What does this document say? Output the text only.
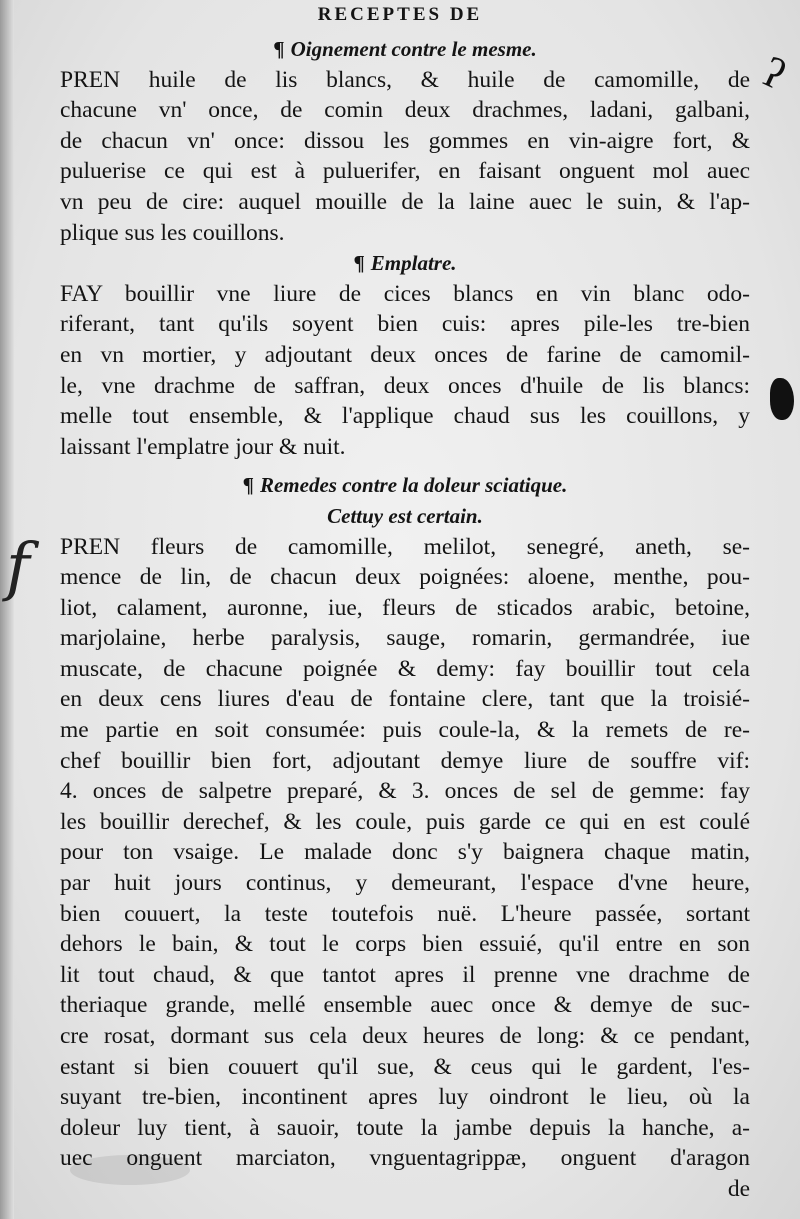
RECEPTES DE
f
ʔ
¶ Oignement contre le mesme.
PREN huile de lis blancs, & huile de camomille, de
chacune vn' once, de comin deux drachmes, ladani, galbani,
de chacun vn' once: dissou les gommes en vin-aigre fort, &
puluerise ce qui est à puluerifer, en faisant onguent mol auec
vn peu de cire: auquel mouille de la laine auec le suin, & l'ap-
plique sus les couillons.
¶ Emplatre.
FAY bouillir vne liure de cices blancs en vin blanc odo-
riferant, tant qu'ils soyent bien cuis: apres pile-les tre-bien
en vn mortier, y adjoutant deux onces de farine de camomil-
le, vne drachme de saffran, deux onces d'huile de lis blancs:
melle tout ensemble, & l'applique chaud sus les couillons, y
laissant l'emplatre jour & nuit.
¶ Remedes contre la doleur sciatique.
Cettuy est certain.
PREN fleurs de camomille, melilot, senegré, aneth, se-
mence de lin, de chacun deux poignées: aloene, menthe, pou-
liot, calament, auronne, iue, fleurs de sticados arabic, betoine,
marjolaine, herbe paralysis, sauge, romarin, germandrée, iue
muscate, de chacune poignée & demy: fay bouillir tout cela
en deux cens liures d'eau de fontaine clere, tant que la troisié-
me partie en soit consumée: puis coule-la, & la remets de re-
chef bouillir bien fort, adjoutant demye liure de souffre vif:
4. onces de salpetre preparé, & 3. onces de sel de gemme: fay
les bouillir derechef, & les coule, puis garde ce qui en est coulé
pour ton vsaige. Le malade donc s'y baignera chaque matin,
par huit jours continus, y demeurant, l'espace d'vne heure,
bien couuert, la teste toutefois nuë. L'heure passée, sortant
dehors le bain, & tout le corps bien essuié, qu'il entre en son
lit tout chaud, & que tantot apres il prenne vne drachme de
theriaque grande, mellé ensemble auec once & demye de suc-
cre rosat, dormant sus cela deux heures de long: & ce pendant,
estant si bien couuert qu'il sue, & ceus qui le gardent, l'es-
suyant tre-bien, incontinent apres luy oindront le lieu, où la
doleur luy tient, à sauoir, toute la jambe depuis la hanche, a-
uec onguent marciaton, vnguentagrippæ, onguent d'aragon
de
